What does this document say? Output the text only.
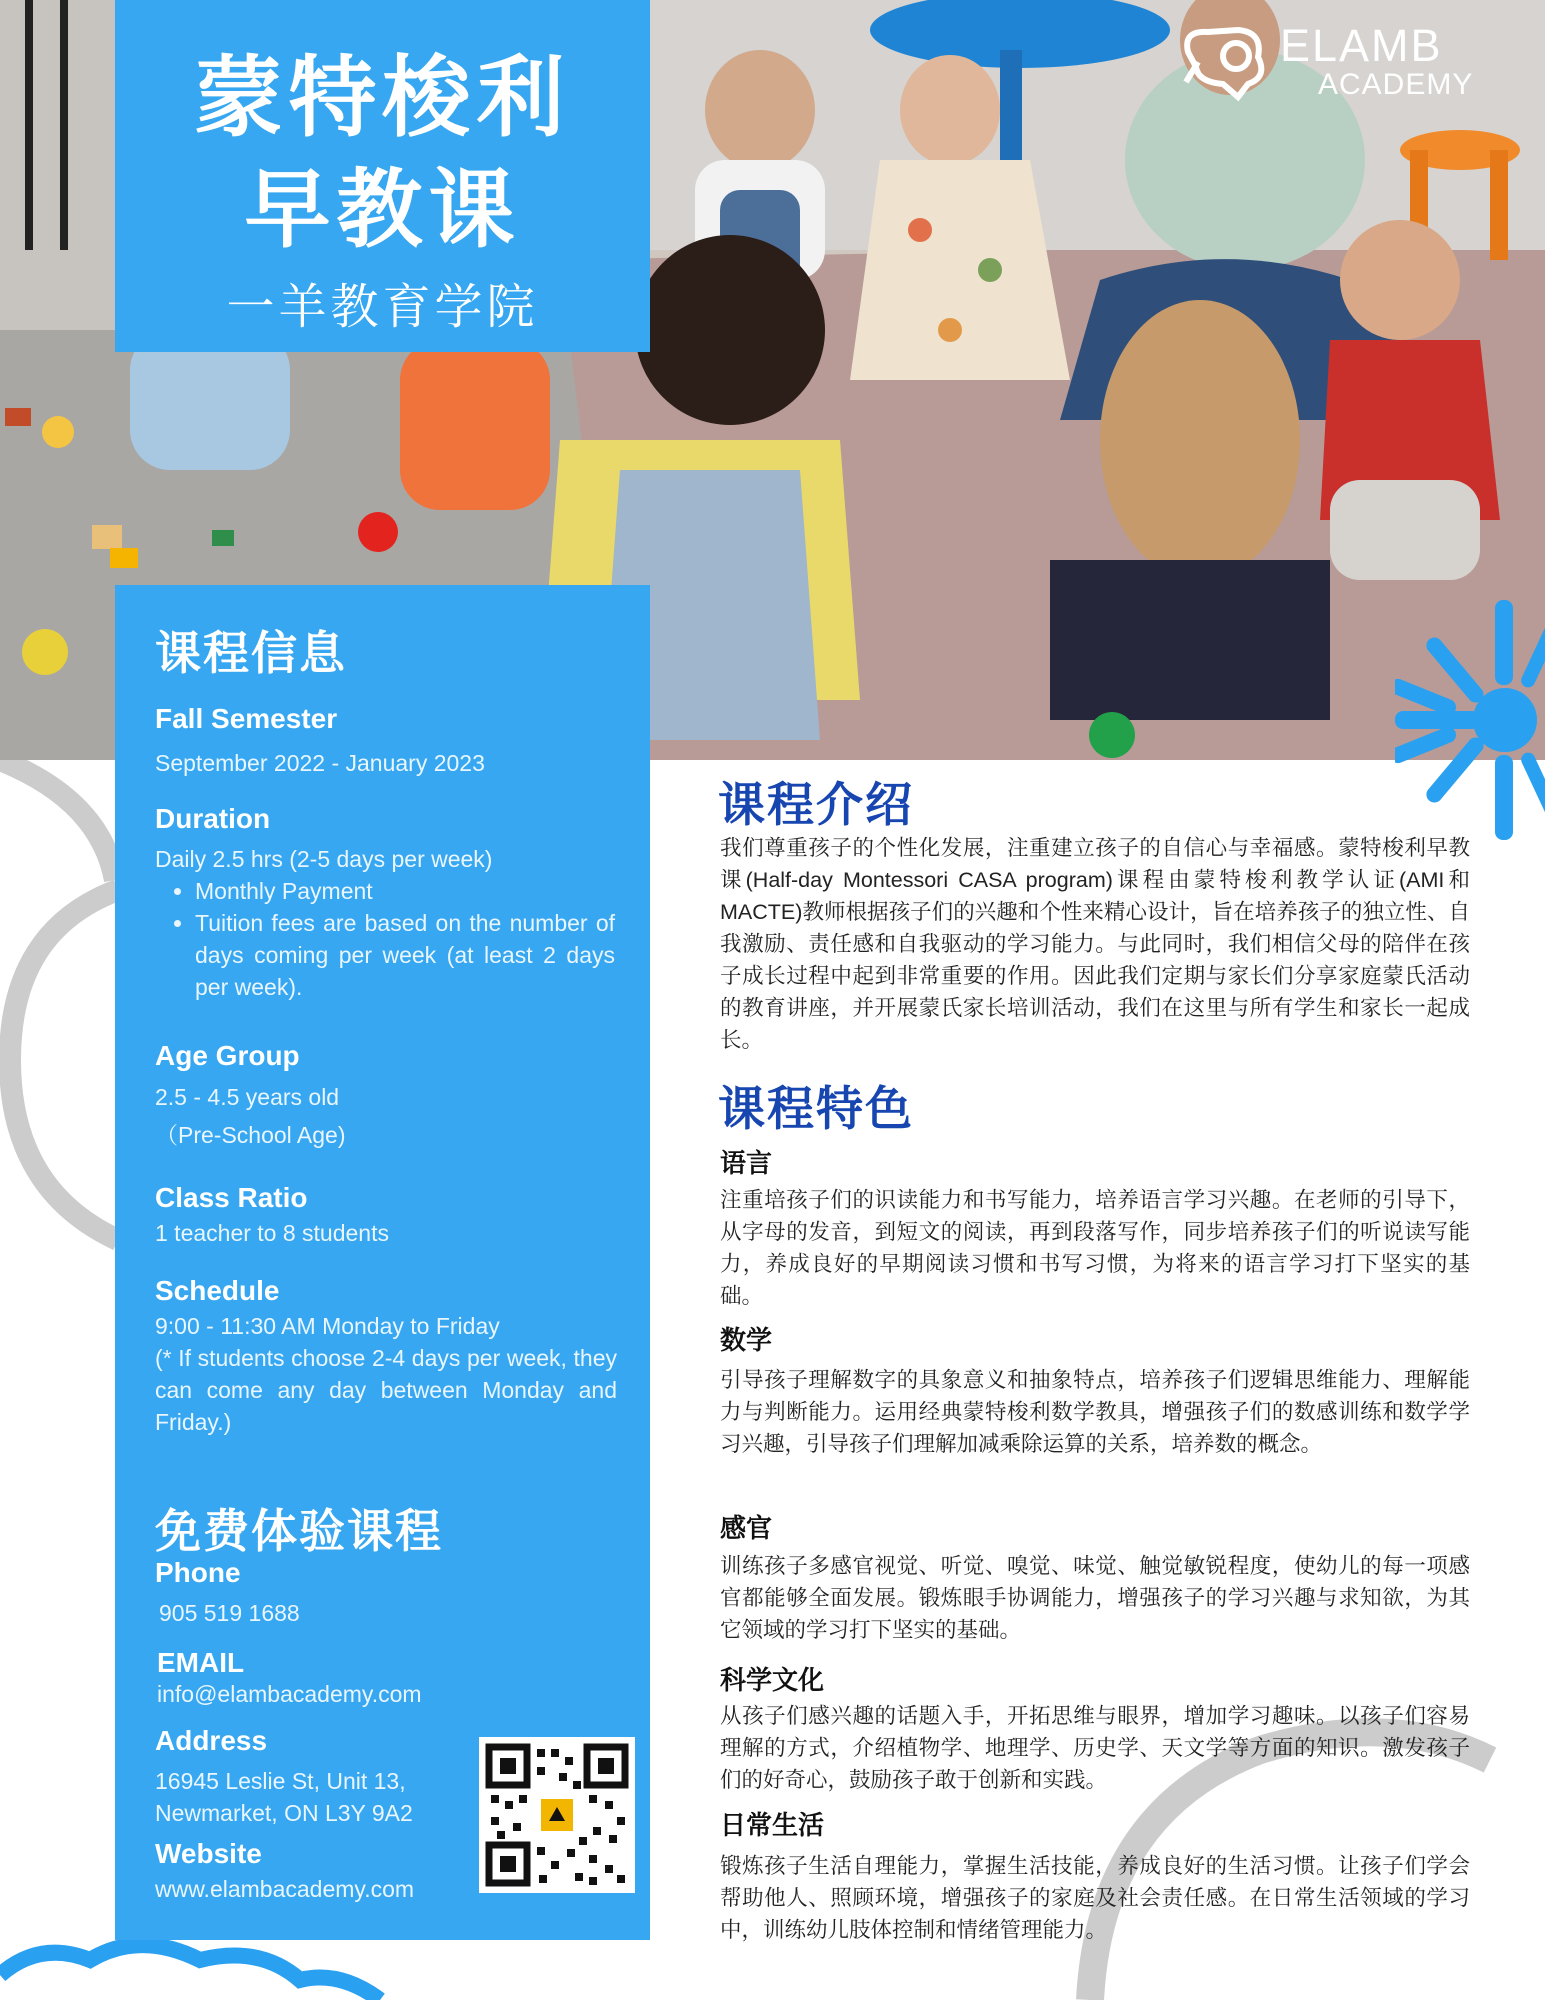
ELAMB
ACADEMY
蒙特梭利
早教课
一羊教育学院
课程信息
Fall Semester
September 2022 - January 2023
Duration
Daily 2.5 hrs (2-5 days per week)
• Monthly Payment
• Tuition fees are based on the number of days coming per week (at least 2 days per week).
Age Group
2.5 - 4.5 years old
（Pre-School Age)
Class Ratio
1 teacher to 8 students
Schedule
9:00 - 11:30 AM Monday to Friday
(* If students choose 2-4 days per week, they can come any day between Monday and Friday.)
免费体验课程
Phone
905 519 1688
EMAIL
info@elambacademy.com
Address
16945 Leslie St, Unit 13,
Newmarket, ON L3Y 9A2
Website
www.elambacademy.com
课程介绍
我们尊重孩子的个性化发展，注重建立孩子的自信心与幸福感。蒙特梭利早教课(Half-day Montessori CASA program)课程由蒙特梭利教学认证(AMI和MACTE)教师根据孩子们的兴趣和个性来精心设计，旨在培养孩子的独立性、自我激励、责任感和自我驱动的学习能力。与此同时，我们相信父母的陪伴在孩子成长过程中起到非常重要的作用。因此我们定期与家长们分享家庭蒙氏活动的教育讲座，并开展蒙氏家长培训活动，我们在这里与所有学生和家长一起成长。
课程特色
语言
注重培孩子们的识读能力和书写能力，培养语言学习兴趣。在老师的引导下，从字母的发音，到短文的阅读，再到段落写作，同步培养孩子们的听说读写能力，养成良好的早期阅读习惯和书写习惯，为将来的语言学习打下坚实的基础。
数学
引导孩子理解数字的具象意义和抽象特点，培养孩子们逻辑思维能力、理解能力与判断能力。运用经典蒙特梭利数学教具，增强孩子们的数感训练和数学学习兴趣，引导孩子们理解加减乘除运算的关系，培养数的概念。
感官
训练孩子多感官视觉、听觉、嗅觉、味觉、触觉敏锐程度，使幼儿的每一项感官都能够全面发展。锻炼眼手协调能力，增强孩子的学习兴趣与求知欲，为其它领域的学习打下坚实的基础。
科学文化
从孩子们感兴趣的话题入手，开拓思维与眼界，增加学习趣味。以孩子们容易理解的方式，介绍植物学、地理学、历史学、天文学等方面的知识。激发孩子们的好奇心，鼓励孩子敢于创新和实践。
日常生活
锻炼孩子生活自理能力，掌握生活技能，养成良好的生活习惯。让孩子们学会帮助他人、照顾环境，增强孩子的家庭及社会责任感。在日常生活领域的学习中，训练幼儿肢体控制和情绪管理能力。
